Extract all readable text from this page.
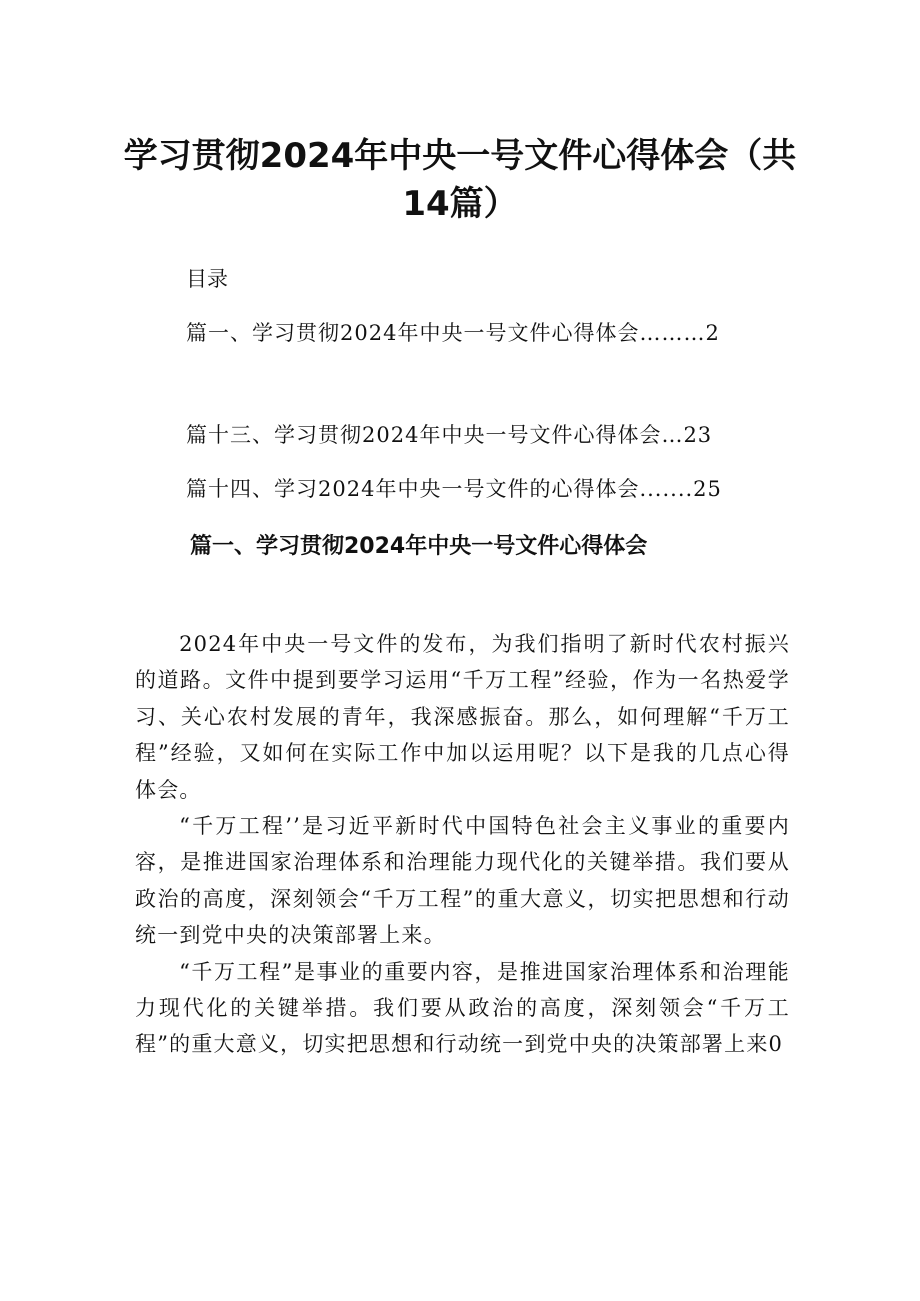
学习贯彻2024年中央一号文件心得体会（共
14篇）
目录
篇一、学习贯彻2024年中央一号文件心得体会………2
篇十三、学习贯彻2024年中央一号文件心得体会…23
篇十四、学习2024年中央一号文件的心得体会.......25
篇一、学习贯彻2024年中央一号文件心得体会

2024年中央一号文件的发布，为我们指明了新时代农村振兴的道路。文件中提到要学习运用“千万工程”经验，作为一名热爱学习、关心农村发展的青年，我深感振奋。那么，如何理解“千万工程”经验，又如何在实际工作中加以运用呢？以下是我的几点心得体会。

“千万工程’’是习近平新时代中国特色社会主义事业的重要内容，是推进国家治理体系和治理能力现代化的关键举措。我们要从政治的高度，深刻领会“千万工程”的重大意义，切实把思想和行动统一到党中央的决策部署上来。

“千万工程”是事业的重要内容，是推进国家治理体系和治理能力现代化的关键举措。我们要从政治的高度，深刻领会“千万工程”的重大意义，切实把思想和行动统一到党中央的决策部署上来0
